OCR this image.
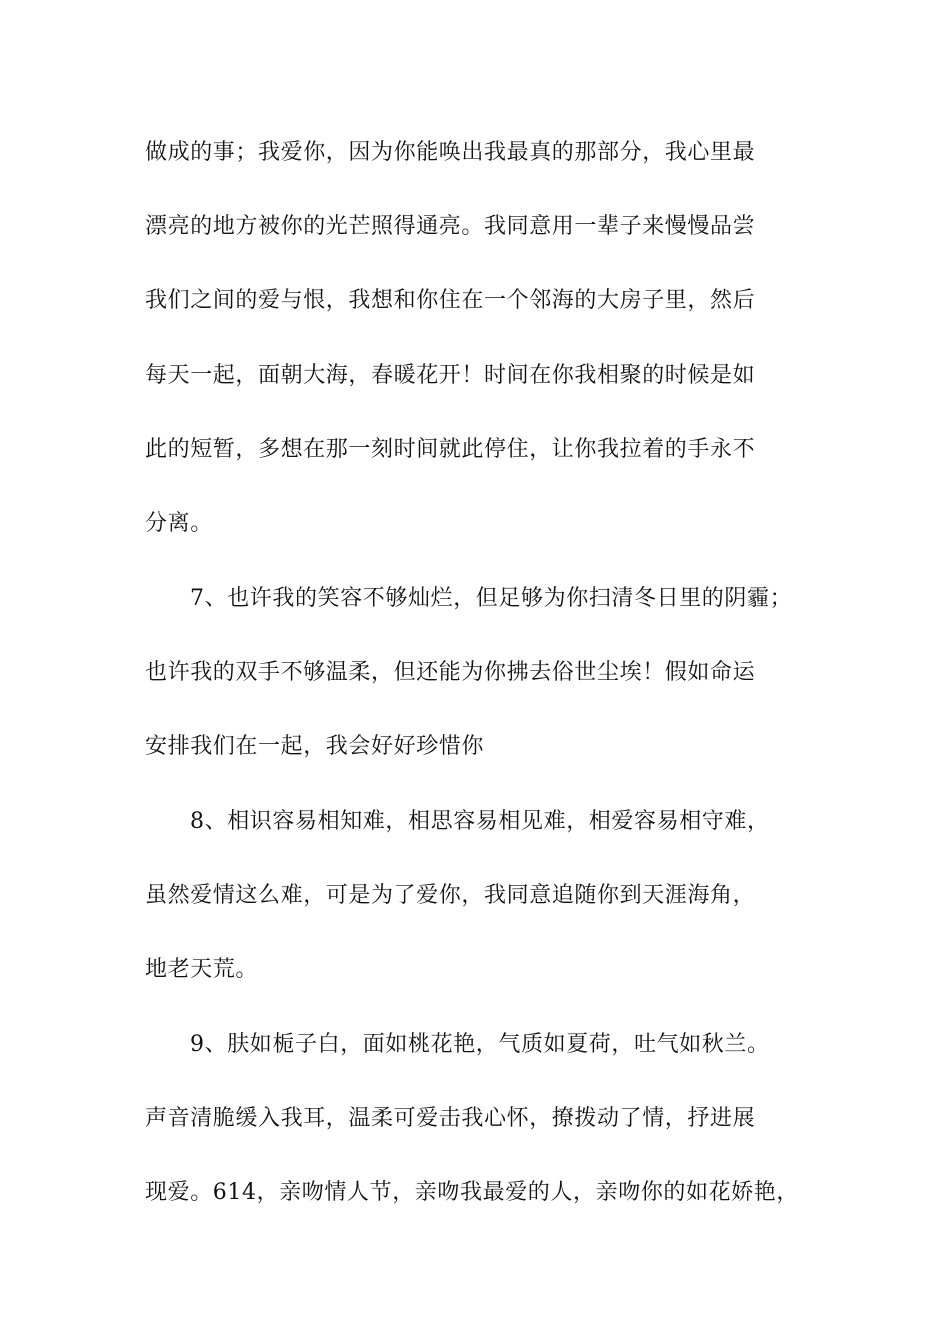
做成的事；我爱你，因为你能唤出我最真的那部分，我心里最
漂亮的地方被你的光芒照得通亮。我同意用一辈子来慢慢品尝
我们之间的爱与恨，我想和你住在一个邻海的大房子里，然后
每天一起，面朝大海，春暖花开！时间在你我相聚的时候是如
此的短暂，多想在那一刻时间就此停住，让你我拉着的手永不
分离。
7、也许我的笑容不够灿烂，但足够为你扫清冬日里的阴霾；
也许我的双手不够温柔，但还能为你拂去俗世尘埃！假如命运
安排我们在一起，我会好好珍惜你
8、相识容易相知难，相思容易相见难，相爱容易相守难，
虽然爱情这么难，可是为了爱你，我同意追随你到天涯海角，
地老天荒。
9、肤如栀子白，面如桃花艳，气质如夏荷，吐气如秋兰。
声音清脆缓入我耳，温柔可爱击我心怀，撩拨动了情，抒进展
现爱。614，亲吻情人节，亲吻我最爱的人，亲吻你的如花娇艳，
